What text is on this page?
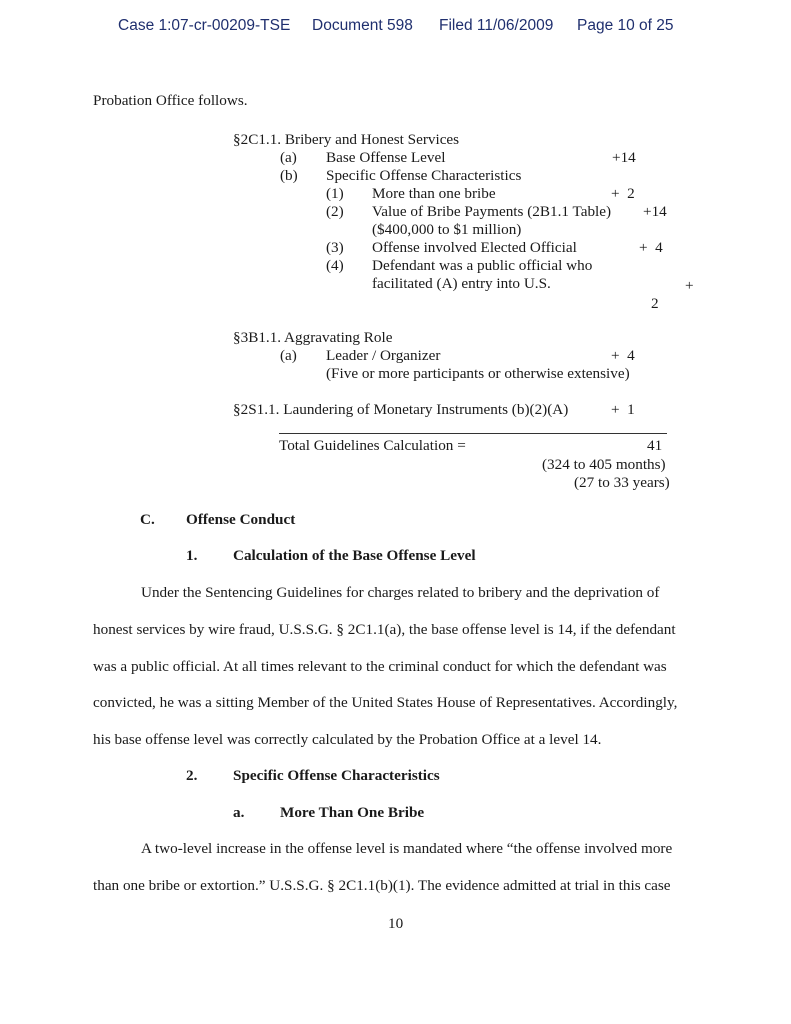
Case 1:07-cr-00209-TSE Document 598 Filed 11/06/2009 Page 10 of 25
Probation Office follows.
§2C1.1. Bribery and Honest Services
(a) Base Offense Level	+14
(b) Specific Offense Characteristics
(1) More than one bribe	+  2
(2) Value of Bribe Payments (2B1.1 Table) +14
($400,000 to $1 million)
(3) Offense involved Elected Official	+  4
(4) Defendant was a public official who
facilitated (A) entry into U.S.	+
2
§3B1.1. Aggravating Role
(a) Leader / Organizer	+  4
(Five or more participants or otherwise extensive)
§2S1.1. Laundering of Monetary Instruments (b)(2)(A)	+  1
Total Guidelines Calculation =	41
(324 to 405 months)
(27 to 33 years)
C. Offense Conduct
1. Calculation of the Base Offense Level
Under the Sentencing Guidelines for charges related to bribery and the deprivation of
honest services by wire fraud, U.S.S.G. § 2C1.1(a), the base offense level is 14, if the defendant
was a public official. At all times relevant to the criminal conduct for which the defendant was
convicted, he was a sitting Member of the United States House of Representatives. Accordingly,
his base offense level was correctly calculated by the Probation Office at a level 14.
2. Specific Offense Characteristics
a. More Than One Bribe
A two-level increase in the offense level is mandated where “the offense involved more
than one bribe or extortion.” U.S.S.G. § 2C1.1(b)(1). The evidence admitted at trial in this case
10
